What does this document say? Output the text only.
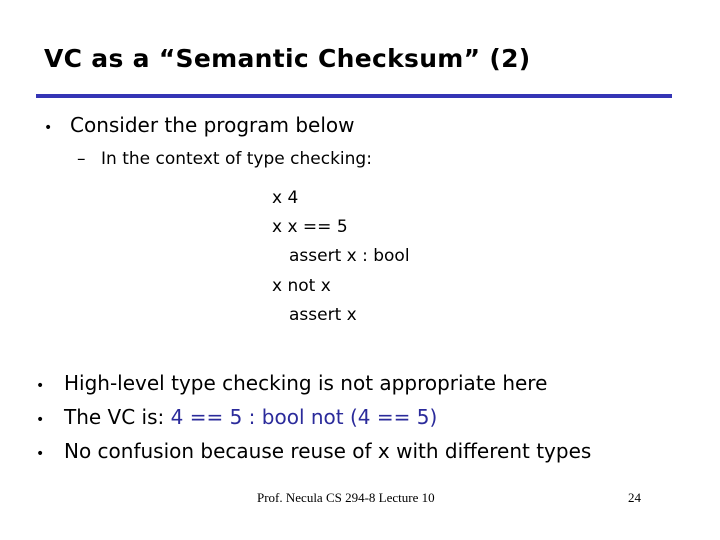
VC as a “Semantic Checksum” (2)
• Consider the program below
– In the context of type checking:
x 4
x x == 5
assert x : bool
x not x
assert x
• High-level type checking is not appropriate here
• The VC is: 4 == 5 : bool not (4 == 5)
• No confusion because reuse of x with different types
Prof. Necula CS 294-8 Lecture 10	24
